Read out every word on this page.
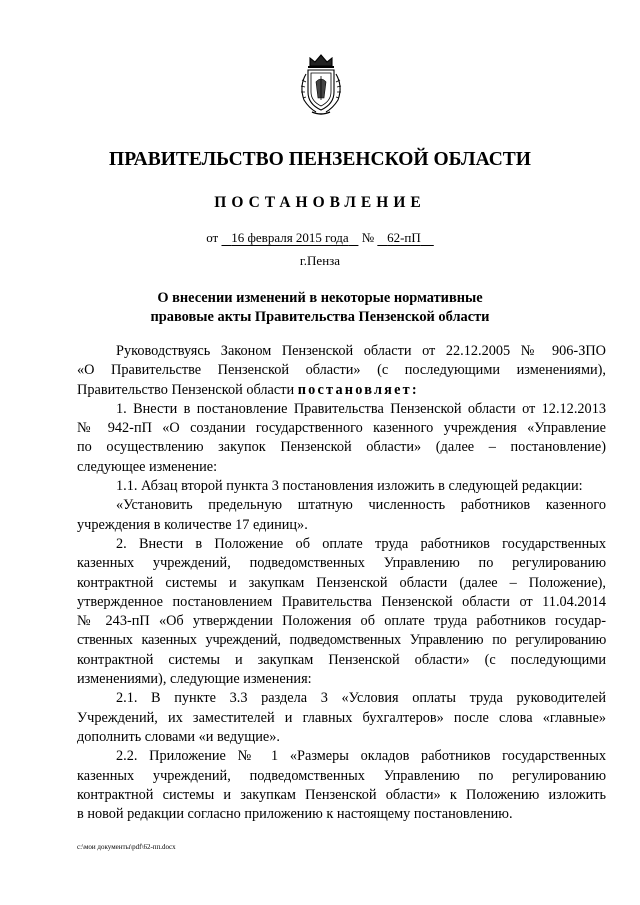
ПРАВИТЕЛЬСТВО ПЕНЗЕНСКОЙ ОБЛАСТИ
ПОСТАНОВЛЕНИЕ
от 16 февраля 2015 года № 62-пП
г.Пенза
О внесении изменений в некоторые нормативные
правовые акты Правительства Пензенской области

Руководствуясь Законом Пензенской области от 22.12.2005 № 906-ЗПО

«О Правительстве Пензенской области» (с последующими изменениями),

Правительство Пензенской области постановляет:

1. Внести в постановление Правительства Пензенской области от 12.12.2013

№ 942-пП «О создании государственного казенного учреждения «Управление

по осуществлению закупок Пензенской области» (далее – постановление)

следующее изменение:

1.1. Абзац второй пункта 3 постановления изложить в следующей редакции:

«Установить предельную штатную численность работников казенного

учреждения в количестве 17 единиц».

2. Внести в Положение об оплате труда работников государственных

казенных учреждений, подведомственных Управлению по регулированию

контрактной системы и закупкам Пензенской области (далее – Положение),

утвержденное постановлением Правительства Пензенской области от 11.04.2014

№ 243-пП «Об утверждении Положения об оплате труда работников государ-

ственных казенных учреждений, подведомственных Управлению по регулированию

контрактной системы и закупкам Пензенской области» (с последующими

изменениями), следующие изменения:

2.1. В пункте 3.3 раздела 3 «Условия оплаты труда руководителей

Учреждений, их заместителей и главных бухгалтеров» после слова «главные»

дополнить словами «и ведущие».

2.2. Приложение № 1 «Размеры окладов работников государственных

казенных учреждений, подведомственных Управлению по регулированию

контрактной системы и закупкам Пензенской области» к Положению изложить

в новой редакции согласно приложению к настоящему постановлению.

c:\мои документы\pdf\62-пп.docx
